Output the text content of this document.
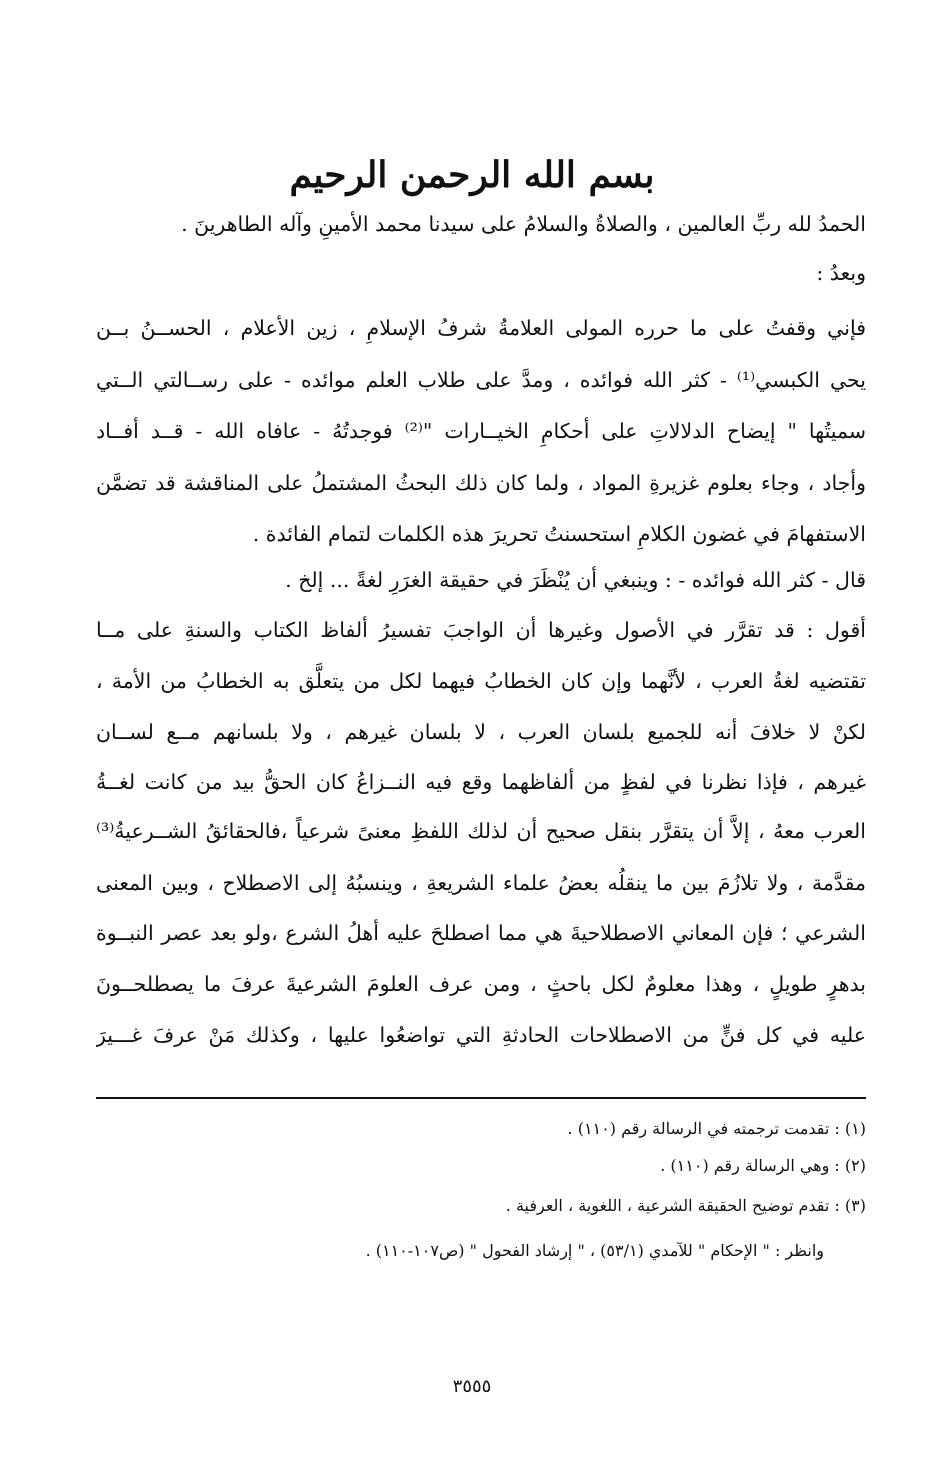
بسم الله الرحمن الرحيم
الحمدُ لله ربِّ العالمين ، والصلاةُ والسلامُ على سيدنا محمد الأمينِ وآله الطاهرينَ .
وبعدُ :
فإني وقفتُ على ما حرره المولى العلامةُ شرفُ الإسلامِ ، زين الأعلام ، الحســنُ بــن
يحي الكبسي⁽¹⁾ - كثر الله فوائده ، ومدَّ على طلاب العلم موائده - على رســالتي الــتي
سميتُها " إيضاح الدلالاتِ على أحكامِ الخيــارات "⁽²⁾ فوجدتُهُ - عافاه الله - قــد أفــاد
وأجاد ، وجاء بعلوم غزيرةِ المواد ، ولما كان ذلك البحثُ المشتملُ على المناقشة قد تضمَّن
الاستفهامَ في غضون الكلامِ استحسنتُ تحريرَ هذه الكلمات لتمام الفائدة .
قال - كثر الله فوائده - : وينبغي أن يُنْظَرَ في حقيقة الغرَرِ لغةً ... إلخ .
أقول : قد تقرَّر في الأصول وغيرها أن الواجبَ تفسيرُ ألفاظ الكتاب والسنةِ على مــا
تقتضيه لغةُ العرب ، لأنَّهما وإن كان الخطابُ فيهما لكل من يتعلَّق به الخطابُ من الأمة ،
لكنْ لا خلافَ أنه للجميع بلسان العرب ، لا بلسان غيرهم ، ولا بلسانهم مــع لســان
غيرهم ، فإذا نظرنا في لفظٍ من ألفاظهما وقع فيه النــزاعُ كان الحقُّ بيد من كانت لغــةُ
العرب معهُ ، إلاَّ أن يتقرَّر بنقل صحيح أن لذلك اللفظِ معنىً شرعياً ،فالحقائقُ الشــرعيةُ⁽³⁾
مقدَّمة ، ولا تلازُمَ بين ما ينقلُه بعضُ علماء الشريعةِ ، وينسبُهُ إلى الاصطلاح ، وبين المعنى
الشرعي ؛ فإن المعاني الاصطلاحيةَ هي مما اصطلحَ عليه أهلُ الشرع ،ولو بعد عصر النبــوة
بدهرٍ طويلٍ ، وهذا معلومٌ لكل باحثٍ ، ومن عرف العلومَ الشرعيةَ عرفَ ما يصطلحــونَ
عليه في كل فنٍّ من الاصطلاحات الحادثةِ التي تواضعُوا عليها ، وكذلك مَنْ عرفَ غـــيرَ
(١) : تقدمت ترجمته في الرسالة رقم (١١٠) .
(٢) : وهي الرسالة رقم (١١٠) .
(٣) : تقدم توضيح الحقيقة الشرعية ، اللغوية ، العرفية .
وانظر : " الإحكام " للآمدي (٥٣/١) ، " إرشاد الفحول " (ص١٠٧-١١٠) .
٣٥٥٥
